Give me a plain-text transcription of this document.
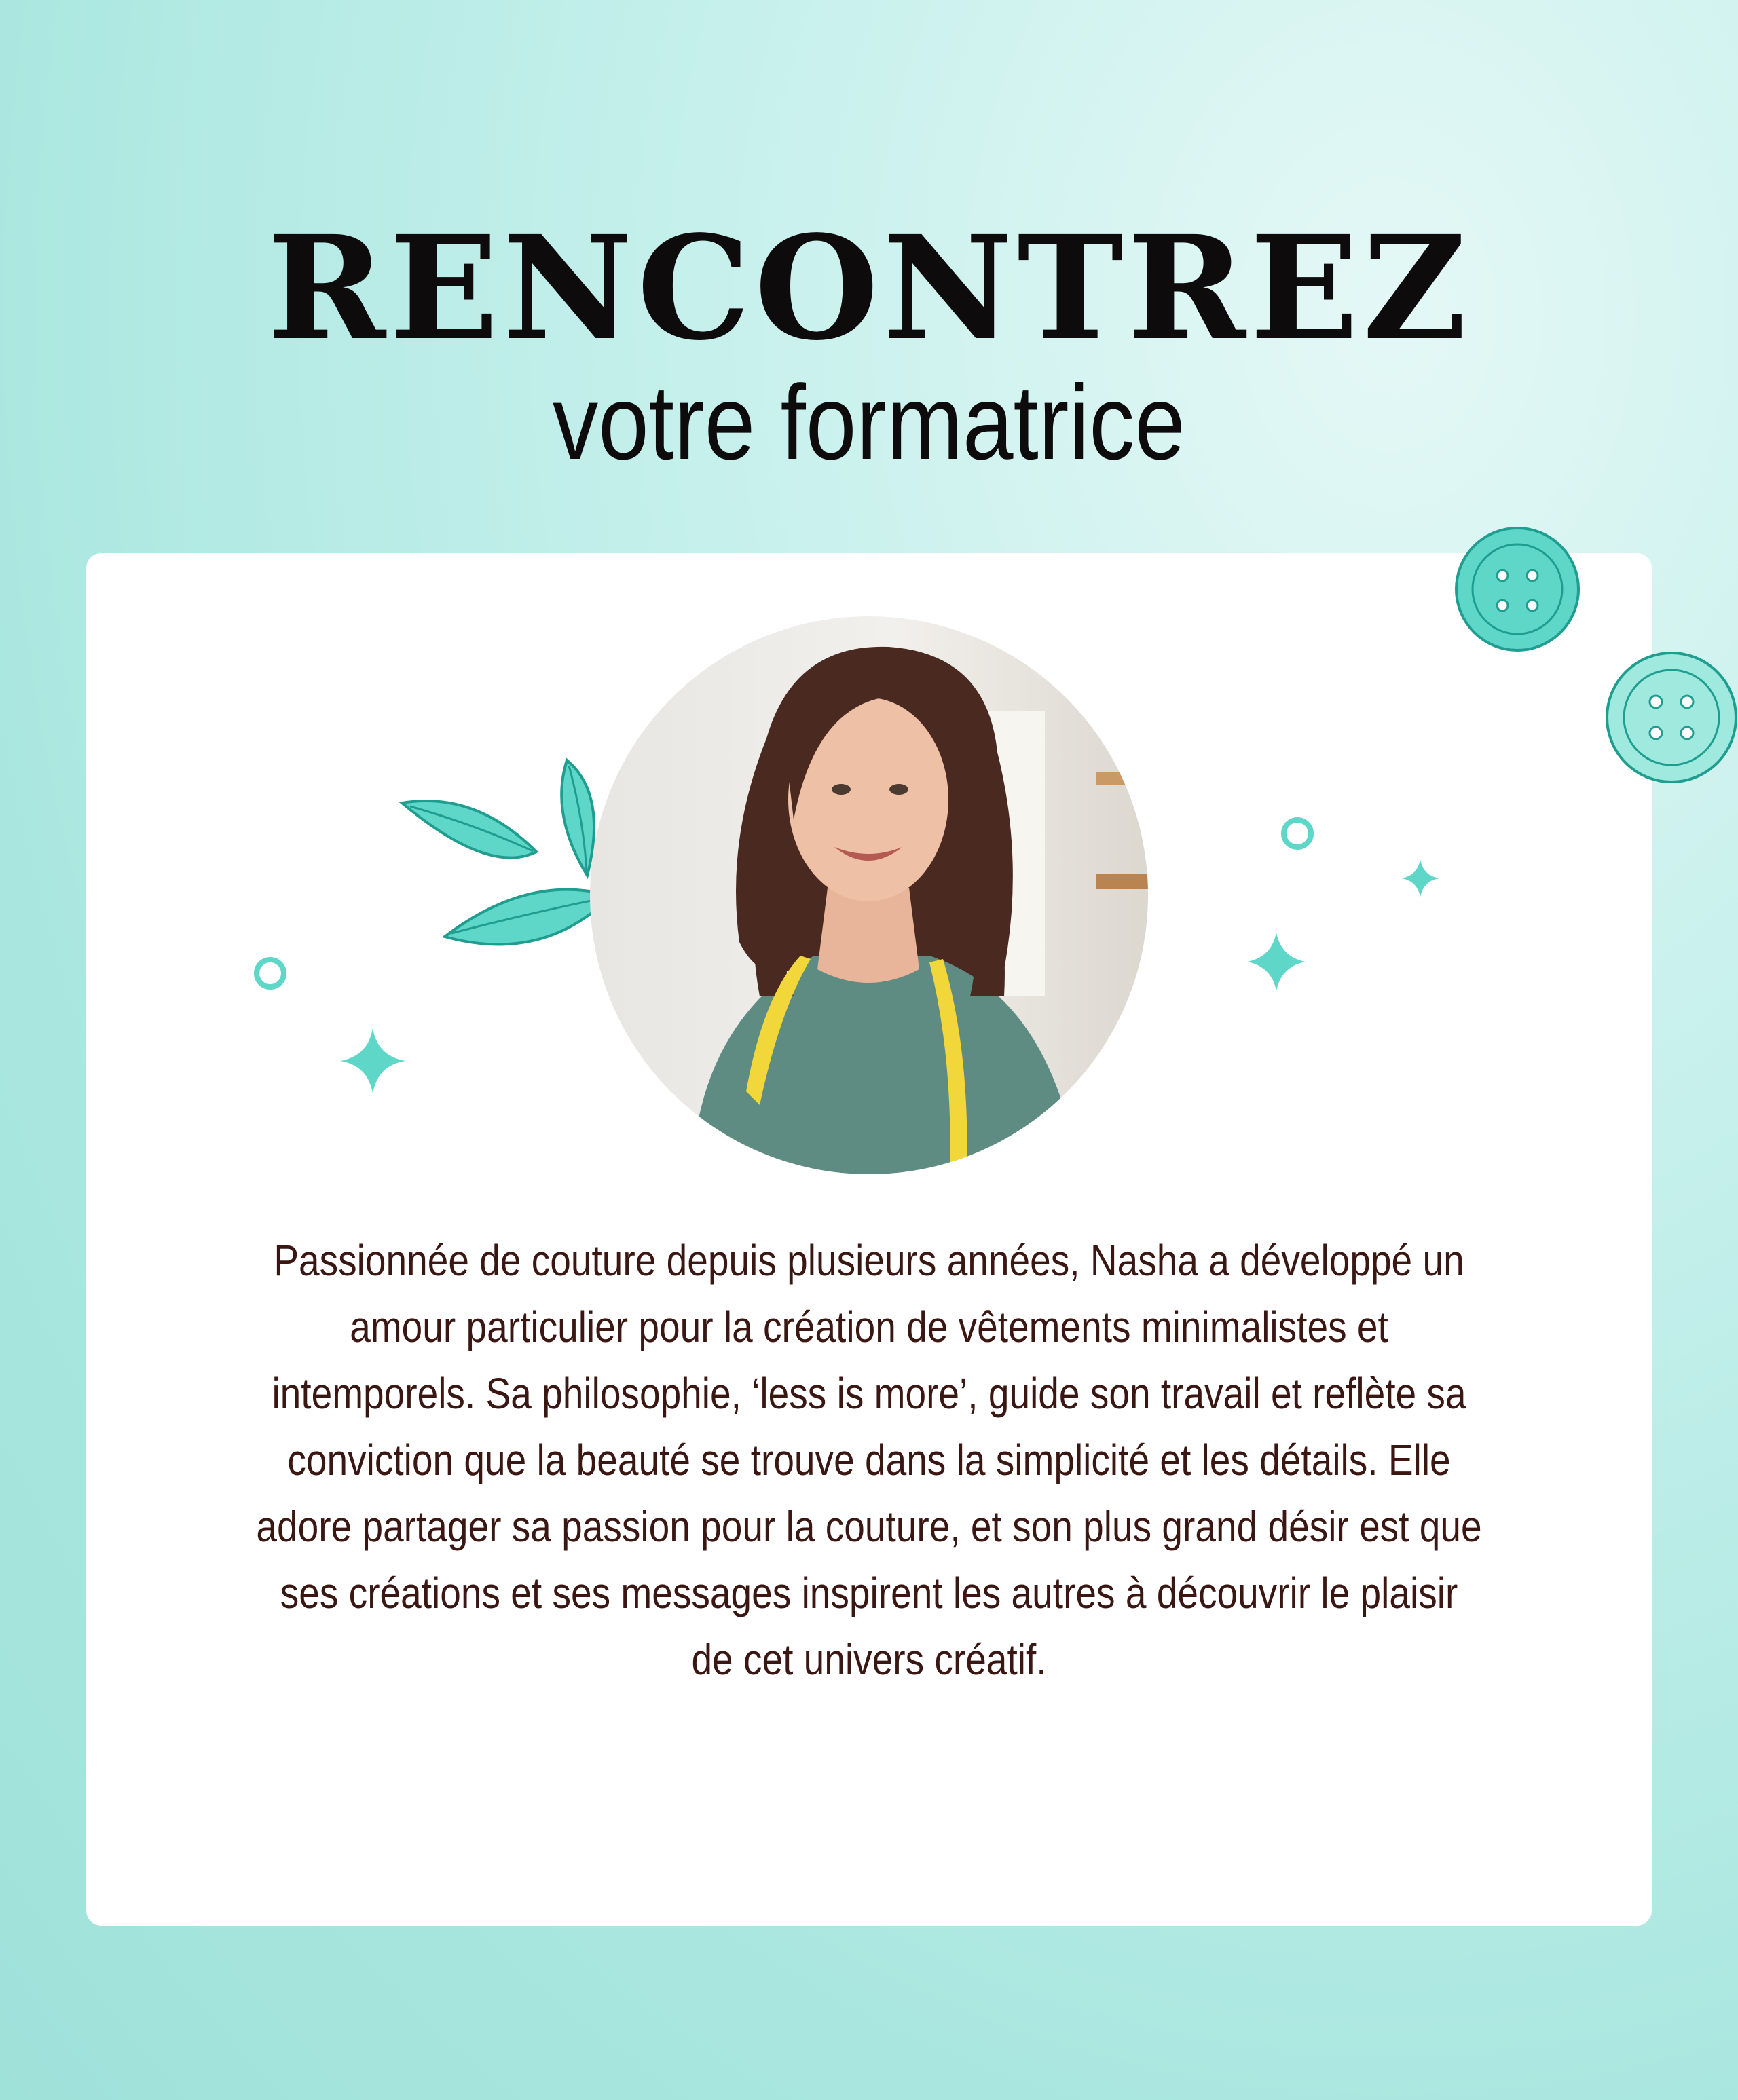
RENCONTREZ
votre formatrice
Passionnée de couture depuis plusieurs années, Nasha a développé un amour particulier pour la création de vêtements minimalistes et intemporels. Sa philosophie, ‘less is more’, guide son travail et reflète sa conviction que la beauté se trouve dans la simplicité et les détails. Elle adore partager sa passion pour la couture, et son plus grand désir est que ses créations et ses messages inspirent les autres à découvrir le plaisir de cet univers créatif.
